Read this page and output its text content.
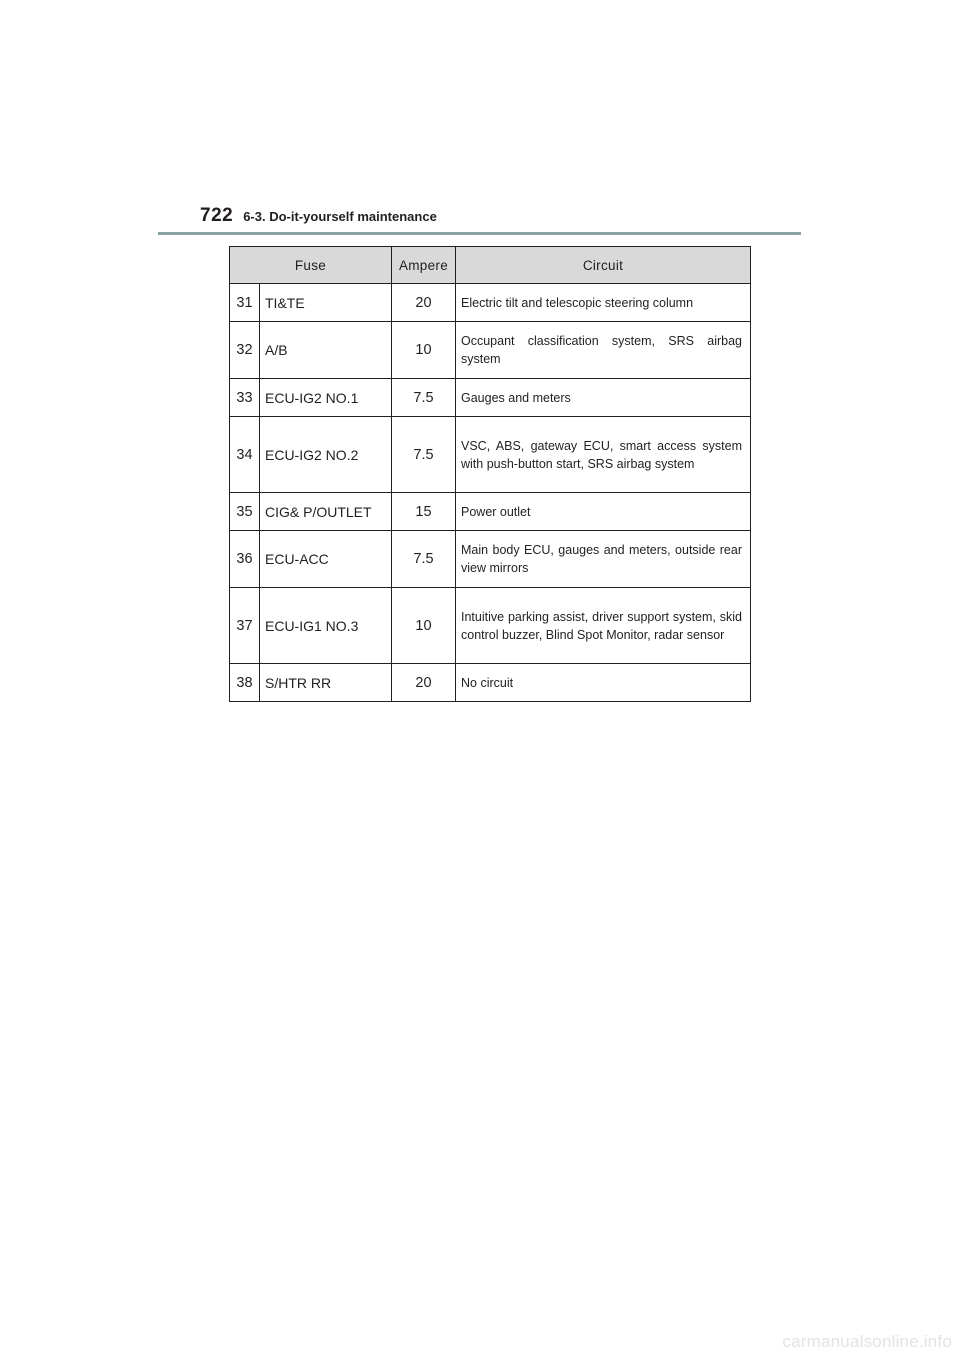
722 6-3. Do-it-yourself maintenance
Fuse		Ampere	Circuit
31	TI&TE	20	Electric tilt and telescopic steering column
32	A/B	10	Occupant classification system, SRS airbag system
33	ECU-IG2 NO.1	7.5	Gauges and meters
34	ECU-IG2 NO.2	7.5	VSC, ABS, gateway ECU, smart access system with push-button start, SRS airbag system
35	CIG& P/OUTLET	15	Power outlet
36	ECU-ACC	7.5	Main body ECU, gauges and meters, outside rear view mirrors
37	ECU-IG1 NO.3	10	Intuitive parking assist, driver support system, skid control buzzer, Blind Spot Monitor, radar sensor
38	S/HTR RR	20	No circuit
carmanualsonline.info
